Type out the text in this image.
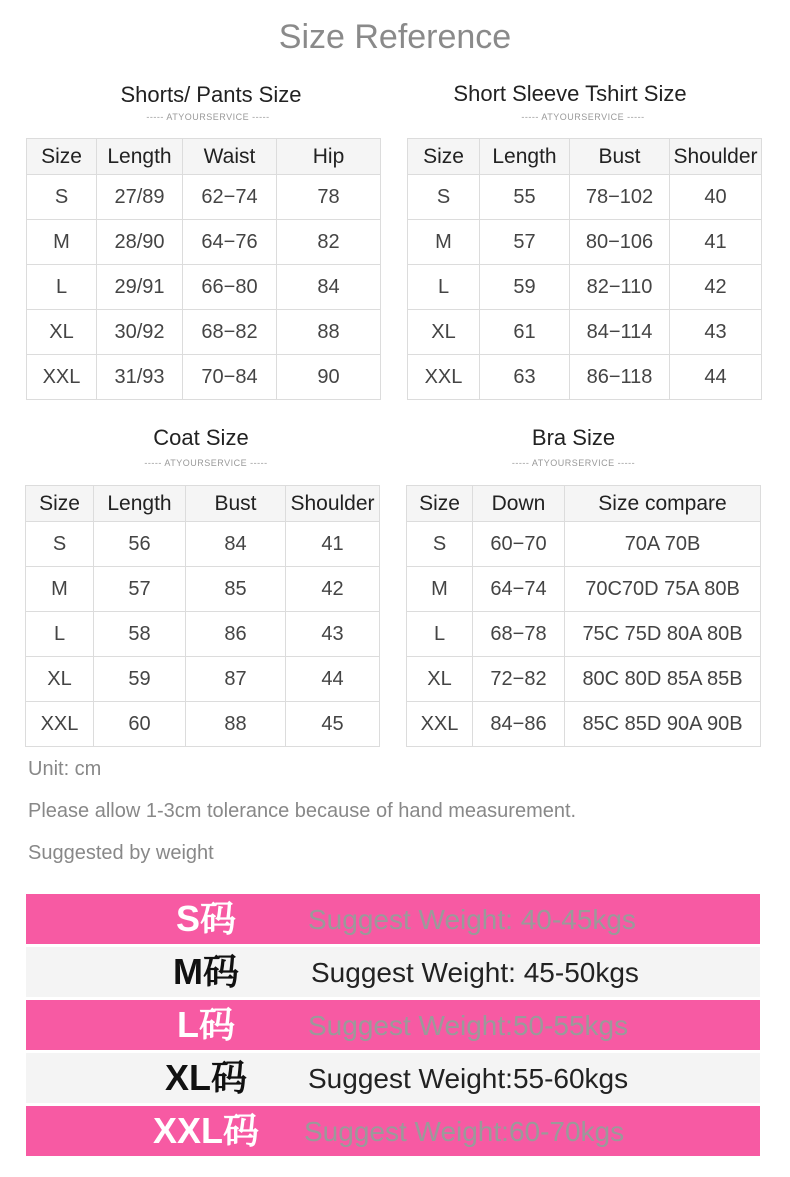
Size Reference
Shorts/ Pants Size
----- ATYOURSERVICE -----
Size	Length	Waist	Hip
S	27/89	62−74	78
M	28/90	64−76	82
L	29/91	66−80	84
XL	30/92	68−82	88
XXL	31/93	70−84	90
Short Sleeve Tshirt Size
----- ATYOURSERVICE -----
Size	Length	Bust	Shoulder
S	55	78−102	40
M	57	80−106	41
L	59	82−110	42
XL	61	84−114	43
XXL	63	86−118	44
Coat Size
----- ATYOURSERVICE -----
Size	Length	Bust	Shoulder
S	56	84	41
M	57	85	42
L	58	86	43
XL	59	87	44
XXL	60	88	45
Bra Size
----- ATYOURSERVICE -----
Size	Down	Size compare
S	60−70	70A 70B
M	64−74	70C70D 75A 80B
L	68−78	75C 75D 80A 80B
XL	72−82	80C 80D 85A 85B
XXL	84−86	85C 85D 90A 90B
Unit: cm
Please allow 1-3cm tolerance because of hand measurement.
Suggested by weight
S码	Suggest Weight: 40-45kgs
M码	Suggest Weight: 45-50kgs
L码	Suggest Weight:50-55kgs
XL码	Suggest Weight:55-60kgs
XXL码	Suggest Weight:60-70kgs
